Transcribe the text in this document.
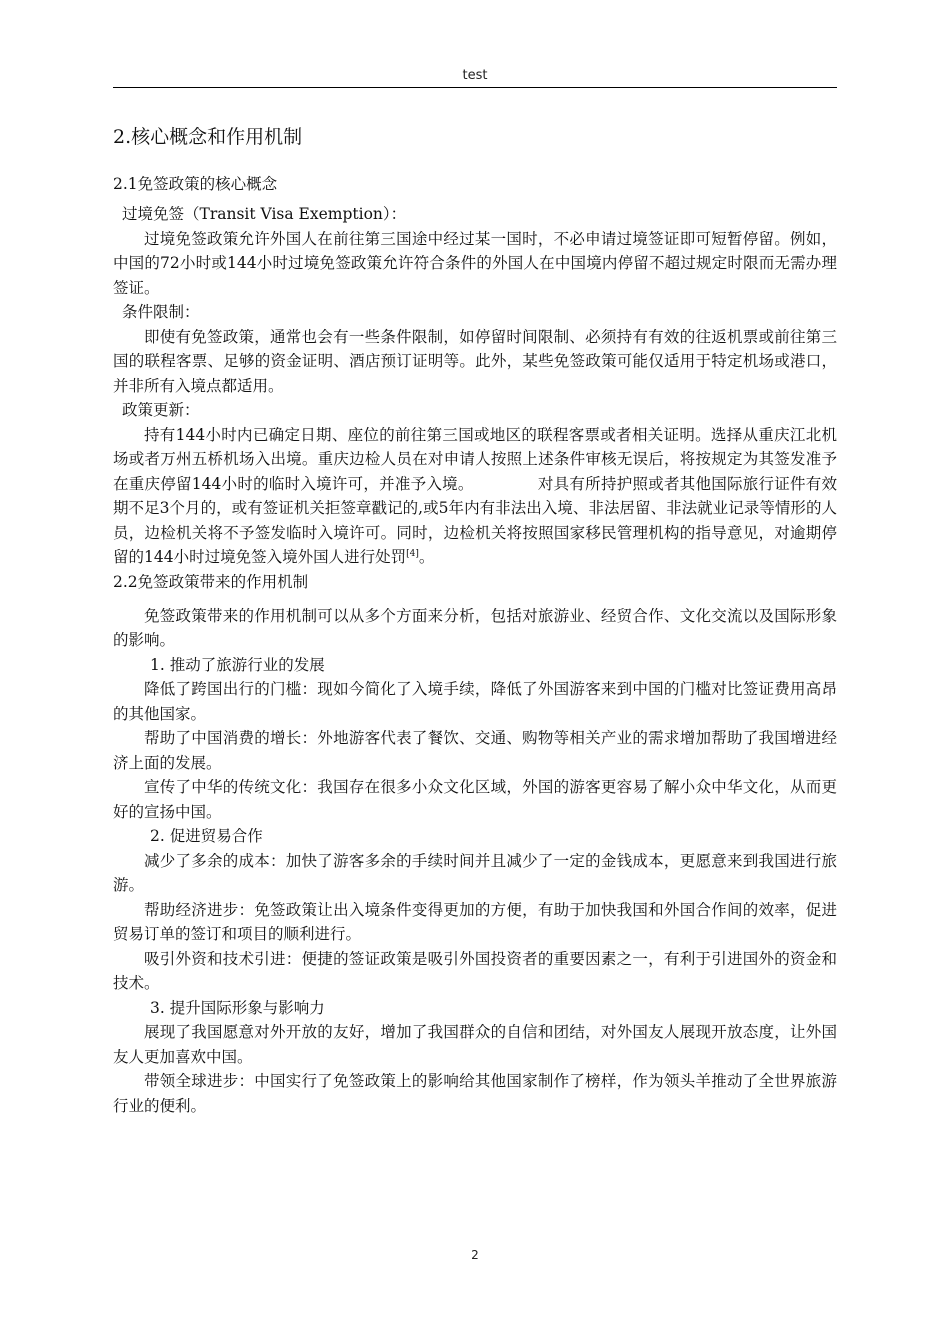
test
2.核心概念和作用机制
2.1免签政策的核心概念
过境免签（Transit Visa Exemption）：

过境免签政策允许外国人在前往第三国途中经过某一国时，不必申请过境签证即可短暂停留。例如，中国的72小时或144小时过境免签政策允许符合条件的外国人在中国境内停留不超过规定时限而无需办理签证。

条件限制：

即使有免签政策，通常也会有一些条件限制，如停留时间限制、必须持有有效的往返机票或前往第三国的联程客票、足够的资金证明、酒店预订证明等。此外，某些免签政策可能仅适用于特定机场或港口，并非所有入境点都适用。

政策更新：

持有144小时内已确定日期、座位的前往第三国或地区的联程客票或者相关证明。选择从重庆江北机场或者万州五桥机场入出境。重庆边检人员在对申请人按照上述条件审核无误后，将按规定为其签发准予在重庆停留144小时的临时入境许可，并准予入境。	对具有所持护照或者其他国际旅行证件有效期不足3个月的，或有签证机关拒签章戳记的,或5年内有非法出入境、非法居留、非法就业记录等情形的人员，边检机关将不予签发临时入境许可。同时，边检机关将按照国家移民管理机构的指导意见，对逾期停留的144小时过境免签入境外国人进行处罚[4]。

2.2免签政策带来的作用机制

免签政策带来的作用机制可以从多个方面来分析，包括对旅游业、经贸合作、文化交流以及国际形象的影响。

1. 推动了旅游行业的发展

降低了跨国出行的门槛：现如今简化了入境手续，降低了外国游客来到中国的门槛对比签证费用高昂的其他国家。

帮助了中国消费的增长：外地游客代表了餐饮、交通、购物等相关产业的需求增加帮助了我国增进经济上面的发展。

宣传了中华的传统文化：我国存在很多小众文化区域，外国的游客更容易了解小众中华文化，从而更好的宣扬中国。

2. 促进贸易合作

减少了多余的成本：加快了游客多余的手续时间并且减少了一定的金钱成本，更愿意来到我国进行旅游。

帮助经济进步：免签政策让出入境条件变得更加的方便，有助于加快我国和外国合作间的效率，促进贸易订单的签订和项目的顺利进行。

吸引外资和技术引进：便捷的签证政策是吸引外国投资者的重要因素之一，有利于引进国外的资金和技术。

3. 提升国际形象与影响力

展现了我国愿意对外开放的友好，增加了我国群众的自信和团结，对外国友人展现开放态度，让外国友人更加喜欢中国。

带领全球进步：中国实行了免签政策上的影响给其他国家制作了榜样，作为领头羊推动了全世界旅游行业的便利。

2
